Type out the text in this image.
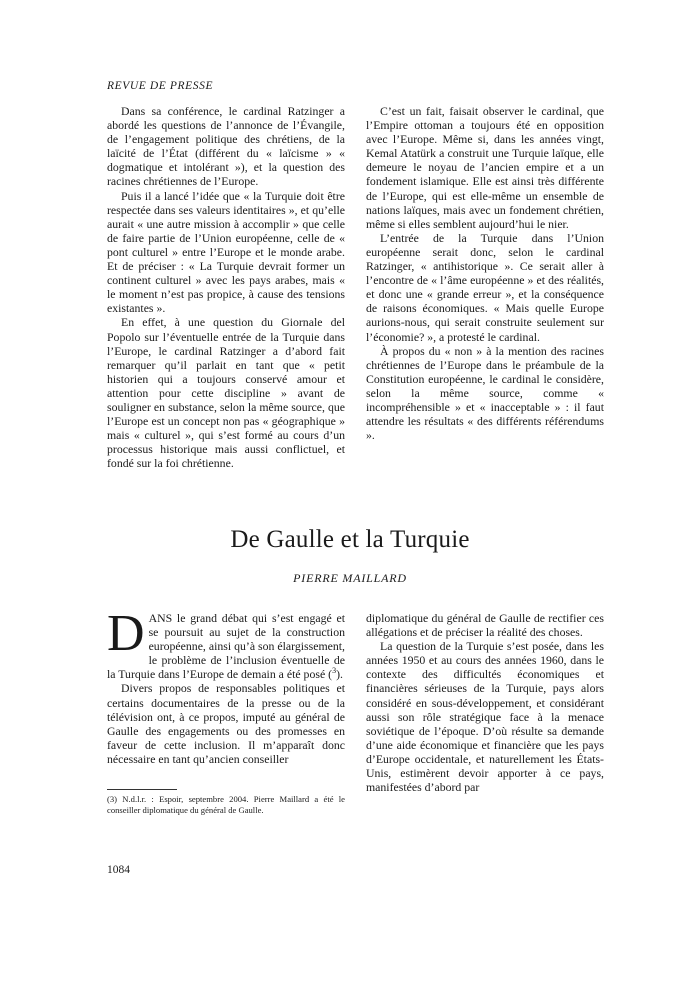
REVUE DE PRESSE

Dans sa conférence, le cardinal Ratzinger a abordé les questions de l’annonce de l’Évangile, de l’engagement politique des chrétiens, de la laïcité de l’État (différent du « laïcisme » « dogmatique et intolérant »), et la question des racines chrétiennes de l’Europe.

Puis il a lancé l’idée que « la Turquie doit être respectée dans ses valeurs identitaires », et qu’elle aurait « une autre mission à accomplir » que celle de faire partie de l’Union européenne, celle de « pont culturel » entre l’Europe et le monde arabe. Et de préciser : « La Turquie devrait former un continent culturel » avec les pays arabes, mais « le moment n’est pas propice, à cause des tensions existantes ».

En effet, à une question du Giornale del Popolo sur l’éventuelle entrée de la Turquie dans l’Europe, le cardinal Ratzinger a d’abord fait remarquer qu’il parlait en tant que « petit historien qui a toujours conservé amour et attention pour cette discipline » avant de souligner en substance, selon la même source, que l’Europe est un concept non pas « géographique » mais « culturel », qui s’est formé au cours d’un processus historique mais aussi conflictuel, et fondé sur la foi chrétienne.

C’est un fait, faisait observer le cardinal, que l’Empire ottoman a toujours été en opposition avec l’Europe. Même si, dans les années vingt, Kemal Atatürk a construit une Turquie laïque, elle demeure le noyau de l’ancien empire et a un fondement islamique. Elle est ainsi très différente de l’Europe, qui est elle-même un ensemble de nations laïques, mais avec un fondement chrétien, même si elles semblent aujourd’hui le nier.

L’entrée de la Turquie dans l’Union européenne serait donc, selon le cardinal Ratzinger, « antihistorique ». Ce serait aller à l’encontre de « l’âme européenne » et des réalités, et donc une « grande erreur », et la conséquence de raisons économiques. « Mais quelle Europe aurions-nous, qui serait construite seulement sur l’économie? », a protesté le cardinal.

À propos du « non » à la mention des racines chrétiennes de l’Europe dans le préambule de la Constitution européenne, le cardinal le considère, selon la même source, comme « incompréhensible » et « inacceptable » : il faut attendre les résultats « des différents référendums ».

De Gaulle et la Turquie
PIERRE MAILLARD

DANS le grand débat qui s’est engagé et se poursuit au sujet de la construction européenne, ainsi qu’à son élargissement, le problème de l’inclusion éventuelle de la Turquie dans l’Europe de demain a été posé ($^3$).

Divers propos de responsables politiques et certains documentaires de la presse ou de la télévision ont, à ce propos, imputé au général de Gaulle des engagements ou des promesses en faveur de cette inclusion. Il m’apparaît donc nécessaire en tant qu’ancien conseiller

diplomatique du général de Gaulle de rectifier ces allégations et de préciser la réalité des choses.

La question de la Turquie s’est posée, dans les années 1950 et au cours des années 1960, dans le contexte des difficultés économiques et financières sérieuses de la Turquie, pays alors considéré en sous-développement, et considérant aussi son rôle stratégique face à la menace soviétique de l’époque. D’où résulte sa demande d’une aide économique et financière que les pays d’Europe occidentale, et naturellement les États-Unis, estimèrent devoir apporter à ce pays, manifestées d’abord par

(3) N.d.l.r. : Espoir, septembre 2004. Pierre Maillard a été le conseiller diplomatique du général de Gaulle.
1084
